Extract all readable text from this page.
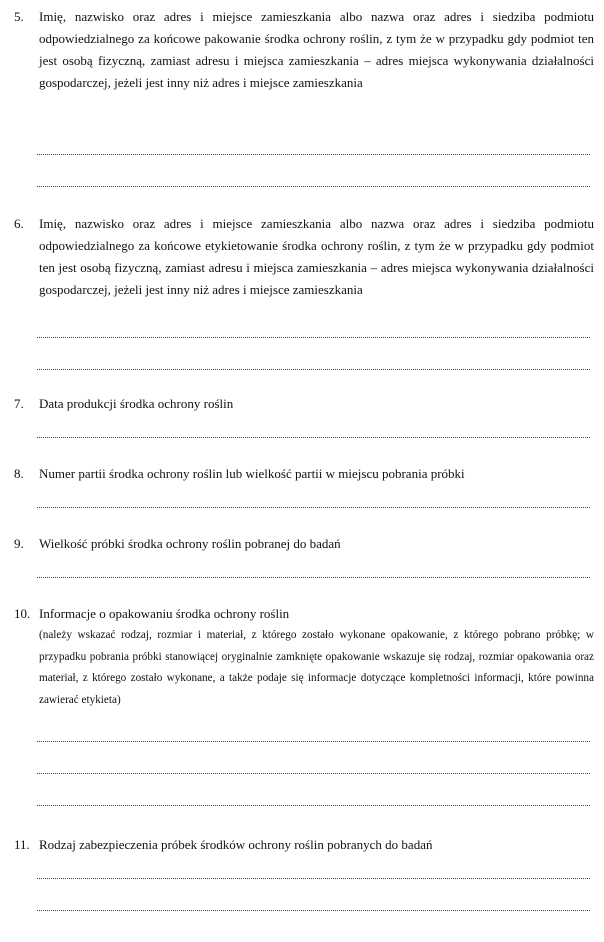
5. Imię, nazwisko oraz adres i miejsce zamieszkania albo nazwa oraz adres i siedziba podmiotu odpowiedzialnego za końcowe pakowanie środka ochrony roślin, z tym że w przypadku gdy podmiot ten jest osobą fizyczną, zamiast adresu i miejsca zamieszkania – adres miejsca wykonywania działalności gospodarczej, jeżeli jest inny niż adres i miejsce zamieszkania
6. Imię, nazwisko oraz adres i miejsce zamieszkania albo nazwa oraz adres i siedziba podmiotu odpowiedzialnego za końcowe etykietowanie środka ochrony roślin, z tym że w przypadku gdy podmiot ten jest osobą fizyczną, zamiast adresu i miejsca zamieszkania – adres miejsca wykonywania działalności gospodarczej, jeżeli jest inny niż adres i miejsce zamieszkania
7. Data produkcji środka ochrony roślin
8. Numer partii środka ochrony roślin lub wielkość partii w miejscu pobrania próbki
9. Wielkość próbki środka ochrony roślin pobranej do badań
10. Informacje o opakowaniu środka ochrony roślin
(należy wskazać rodzaj, rozmiar i materiał, z którego zostało wykonane opakowanie, z którego pobrano próbkę; w przypadku pobrania próbki stanowiącej oryginalnie zamknięte opakowanie wskazuje się rodzaj, rozmiar opakowania oraz materiał, z którego zostało wykonane, a także podaje się informacje dotyczące kompletności informacji, które powinna zawierać etykieta)
11. Rodzaj zabezpieczenia próbek środków ochrony roślin pobranych do badań
